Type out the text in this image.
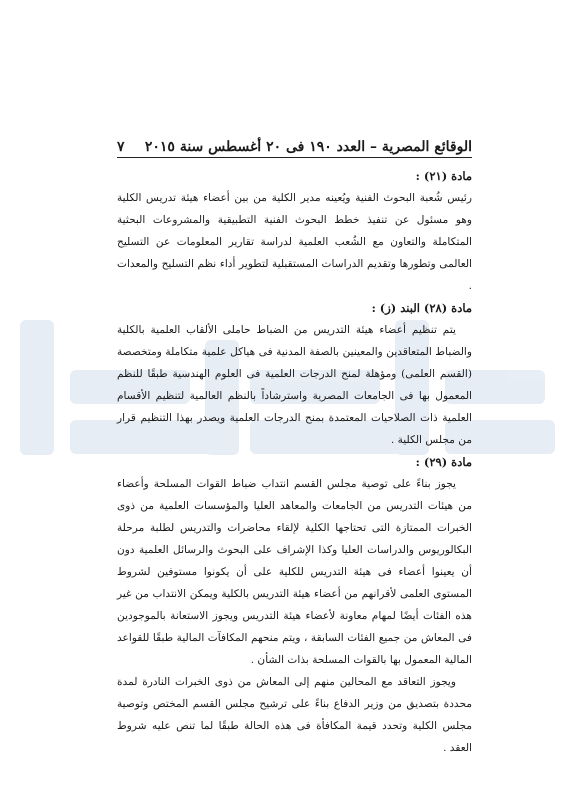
الوقائع المصرية – العدد ١٩٠ فى ٢٠ أغسطس سنة ٢٠١٥
٧
مادة (٢١) :

رئيس شُعبة البحوث الفنية ويُعينه مدير الكلية من بين أعضاء هيئة تدريس الكلية وهو مسئول عن تنفيذ خطط البحوث الفنية التطبيقية والمشروعات البحثية المتكاملة والتعاون مع الشُعب العلمية لدراسة تقارير المعلومات عن التسليح العالمى وتطورها وتقديم الدراسات المستقبلية لتطوير أداء نظم التسليح والمعدات .

مادة (٢٨) البند (ز) :

يتم تنظيم أعضاء هيئة التدريس من الضباط حاملى الألقاب العلمية بالكلية والضباط المتعاقدين والمعينين بالصفة المدنية فى هياكل علمية متكاملة ومتخصصة (القسم العلمى) ومؤهلة لمنح الدرجات العلمية فى العلوم الهندسية طبقًا للنظم المعمول بها فى الجامعات المصرية واسترشاداً بالنظم العالمية لتنظيم الأقسام العلمية ذات الصلاحيات المعتمدة بمنح الدرجات العلمية ويصدر بهذا التنظيم قرار من مجلس الكلية .

مادة (٢٩) :

يجوز بناءً على توصية مجلس القسم انتداب ضباط القوات المسلحة وأعضاء من هيئات التدريس من الجامعات والمعاهد العليا والمؤسسات العلمية من ذوى الخبرات الممتازة التى تحتاجها الكلية لإلقاء محاضرات والتدريس لطلبة مرحلة البكالوريوس والدراسات العليا وكذا الإشراف على البحوث والرسائل العلمية دون أن يعينوا أعضاء فى هيئة التدريس للكلية على أن يكونوا مستوفين لشروط المستوى العلمى لأقرانهم من أعضاء هيئة التدريس بالكلية ويمكن الانتداب من غير هذه الفئات أيضًا لمهام معاونة لأعضاء هيئة التدريس ويجوز الاستعانة بالموجودين فى المعاش من جميع الفئات السابقة ، ويتم منحهم المكافآت المالية طبقًا للقواعد المالية المعمول بها بالقوات المسلحة بذات الشأن .

ويجوز التعاقد مع المحالين منهم إلى المعاش من ذوى الخبرات النادرة لمدة محددة بتصديق من وزير الدفاع بناءً على ترشيح مجلس القسم المختص وتوصية مجلس الكلية وتحدد قيمة المكافأة فى هذه الحالة طبقًا لما تنص عليه شروط العقد .
